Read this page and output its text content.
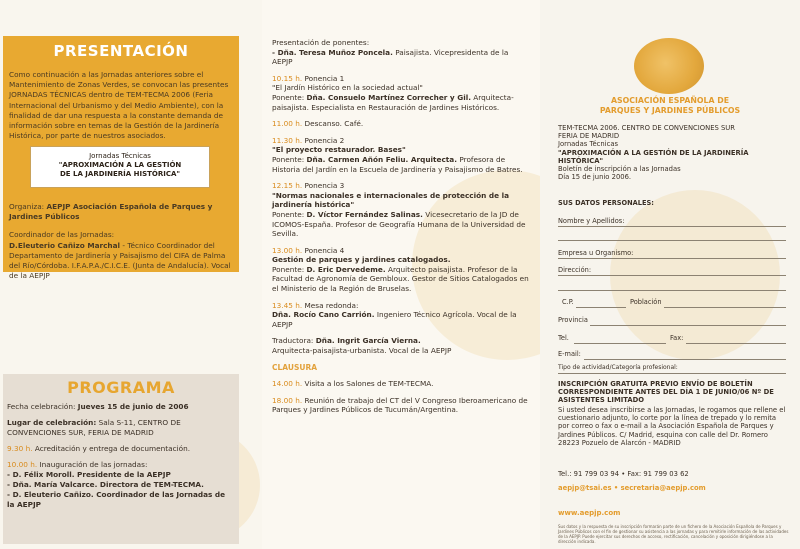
PRESENTACIÓN
Como continuación a las Jornadas anteriores sobre el Mantenimiento de Zonas Verdes, se convocan las presentes JORNADAS TÉCNICAS dentro de TEM-TECMA 2006 (Feria Internacional del Urbanismo y del Medio Ambiente), con la finalidad de dar una respuesta a la constante demanda de información sobre en temas de la Gestión de la Jardinería Histórica, por parte de nuestros asociados.
Jornadas Técnicas
"APROXIMACIÓN A LA GESTIÓN
DE LA JARDINERÍA HISTÓRICA"
Organiza: AEPJP Asociación Española de Parques y Jardines Públicos
Coordinador de las Jornadas:
D.Eleuterio Cañizo Marchal - Técnico Coordinador del Departamento de Jardinería y Paisajismo del CIFA de Palma del Río/Córdoba. I.F.A.P.A./C.I.C.E. (Junta de Andalucía). Vocal de la AEPJP
PROGRAMA

Fecha celebración: Jueves 15 de junio de 2006

Lugar de celebración: Sala S-11, CENTRO DE CONVENCIONES SUR, FERIA DE MADRID

9.30 h. Acreditación y entrega de documentación.

10.00 h. Inauguración de las jornadas:
- D. Félix Moroll. Presidente de la AEPJP
- Dña. María Valcarce. Directora de TEM-TECMA.
- D. Eleuterio Cañizo. Coordinador de las Jornadas de la AEPJP

Presentación de ponentes:
- Dña. Teresa Muñoz Poncela. Paisajista. Vicepresidenta de la AEPJP

10.15 h. Ponencia 1
"El Jardín Histórico en la sociedad actual"
Ponente: Dña. Consuelo Martínez Correcher y Gil. Arquitecta-paisajista. Especialista en Restauración de Jardines Históricos.

11.00 h. Descanso. Café.

11.30 h. Ponencia 2
"El proyecto restaurador. Bases"
Ponente: Dña. Carmen Añón Feliu. Arquitecta. Profesora de Historia del Jardín en la Escuela de Jardinería y Paisajismo de Batres.

12.15 h. Ponencia 3
"Normas nacionales e internacionales de protección de la jardinería histórica"
Ponente: D. Víctor Fernández Salinas. Vicesecretario de la JD de ICOMOS-España. Profesor de Geografía Humana de la Universidad de Sevilla.

13.00 h. Ponencia 4
Gestión de parques y jardines catalogados.
Ponente: D. Eric Dervedeme. Arquitecto paisajista. Profesor de la Facultad de Agronomía de Gembloux. Gestor de Sitios Catalogados en el Ministerio de la Región de Bruselas.

13.45 h. Mesa redonda:
Dña. Rocío Cano Carrión. Ingeniero Técnico Agrícola. Vocal de la AEPJP

Traductora: Dña. Ingrit García Vierna.
Arquitecta-paisajista-urbanista. Vocal de la AEPJP

CLAUSURA

14.00 h. Visita a los Salones de TEM-TECMA.

18.00 h. Reunión de trabajo del CT del V Congreso Iberoamericano de Parques y Jardines Públicos de Tucumán/Argentina.

ASOCIACIÓN ESPAÑOLA DE
PARQUES Y JARDINES PÚBLICOS
TEM-TECMA 2006. CENTRO DE CONVENCIONES SUR
FERIA DE MADRID
Jornadas Técnicas
"APROXIMACIÓN A LA GESTIÓN DE LA JARDINERÍA HISTÓRICA"
Boletín de inscripción a las Jornadas
Día 15 de junio 2006.
SUS DATOS PERSONALES:
Nombre y Apellidos:
Empresa u Organismo:
Dirección:
C.P.	Población
Provincia
Tel.	Fax:
E-mail:
Tipo de actividad/Categoría profesional:
INSCRIPCIÓN GRATUITA PREVIO ENVÍO DE BOLETÍN CORRESPONDIENTE ANTES DEL DÍA 1 DE JUNIO/06 Nº DE ASISTENTES LIMITADO
Si usted desea inscribirse a las Jornadas, le rogamos que rellene el cuestionario adjunto, lo corte por la línea de trepado y lo remita por correo o fax o e-mail a la Asociación Española de Parques y Jardines Públicos. C/ Madrid, esquina con calle del Dr. Romero 28223 Pozuelo de Alarcón - MADRID
Tel.: 91 799 03 94 • Fax: 91 799 03 62
aepjp@tsai.es • secretaria@aepjp.com
www.aepjp.com
Sus datos y la respuesta de su inscripción formarán parte de un fichero de la Asociación Española de Parques y Jardines Públicos con el fin de gestionar su asistencia a las jornadas y para remitirle información de las actividades de la AEPJP. Puede ejercitar sus derechos de acceso, rectificación, cancelación y oposición dirigiéndose a la dirección indicada.
